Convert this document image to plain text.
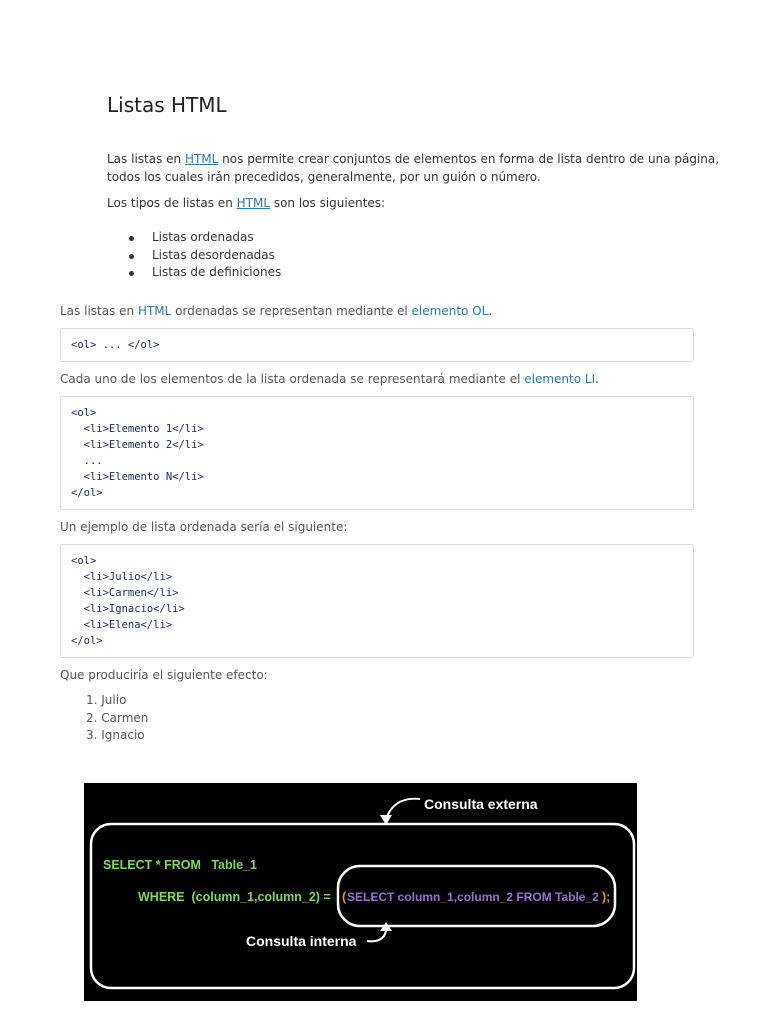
Listas HTML

Las listas en HTML nos permite crear conjuntos de elementos en forma de lista dentro de una página,
todos los cuales irán precedidos, generalmente, por un guión o número.

Los tipos de listas en HTML son los siguientes:

Listas ordenadas
Listas desordenadas
Listas de definiciones

Las listas en HTML ordenadas se representan mediante el elemento OL.

<ol> ... </ol>

Cada uno de los elementos de la lista ordenada se representará mediante el elemento LI.

<ol>

<li>Elemento 1</li>

<li>Elemento 2</li>

...

<li>Elemento N</li>

</ol>

Un ejemplo de lista ordenada sería el siguiente:

<ol>

<li>Julio</li>

<li>Carmen</li>

<li>Ignacio</li>

<li>Elena</li>

</ol>

Que produciría el siguiente efecto:

1. Julio
2. Carmen
3. Ignacio
Consulta externa
Consulta interna
SELECT * FROM   Table_1
WHERE  (column_1,column_2) = ( SELECT column_1,column_2 FROM Table_2 );
